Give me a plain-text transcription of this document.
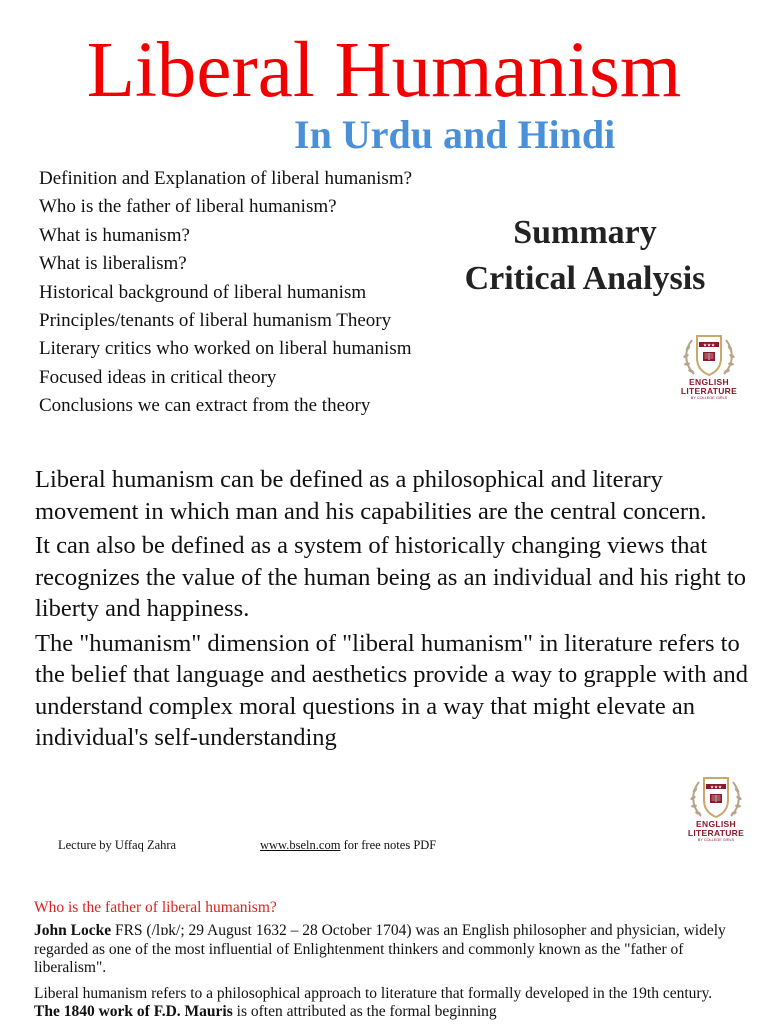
Liberal Humanism
In Urdu and Hindi
Definition and Explanation of liberal humanism?
Who is the father of liberal humanism?
What is humanism?
What is liberalism?
Historical background of liberal humanism
Principles/tenants of liberal humanism Theory
Literary critics who worked on liberal humanism
Focused ideas in critical theory
Conclusions we can extract from the theory
Summary
Critical Analysis
★★★
ENGLISH
LITERATURE
BY COLLEGE GIRLS

Liberal humanism can be defined as a philosophical and literary movement in which man and his capabilities are the central concern.

It can also be defined as a system of historically changing views that recognizes the value of the human being as an individual and his right to liberty and happiness.

The "humanism" dimension of "liberal humanism" in literature refers to the belief that language and aesthetics provide a way to grapple with and understand complex moral questions in a way that might elevate an individual's self-understanding

★★★
ENGLISH
LITERATURE
BY COLLEGE GIRLS
Lecture by Uffaq Zahra	www.bseln.com for free notes PDF
Who is the father of liberal humanism?

John Locke FRS (/lɒk/; 29 August 1632 – 28 October 1704) was an English philosopher and physician, widely regarded as one of the most influential of Enlightenment thinkers and commonly known as the "father of liberalism".

Liberal humanism refers to a philosophical approach to literature that formally developed in the 19th century. The 1840 work of F.D. Mauris is often attributed as the formal beginning
